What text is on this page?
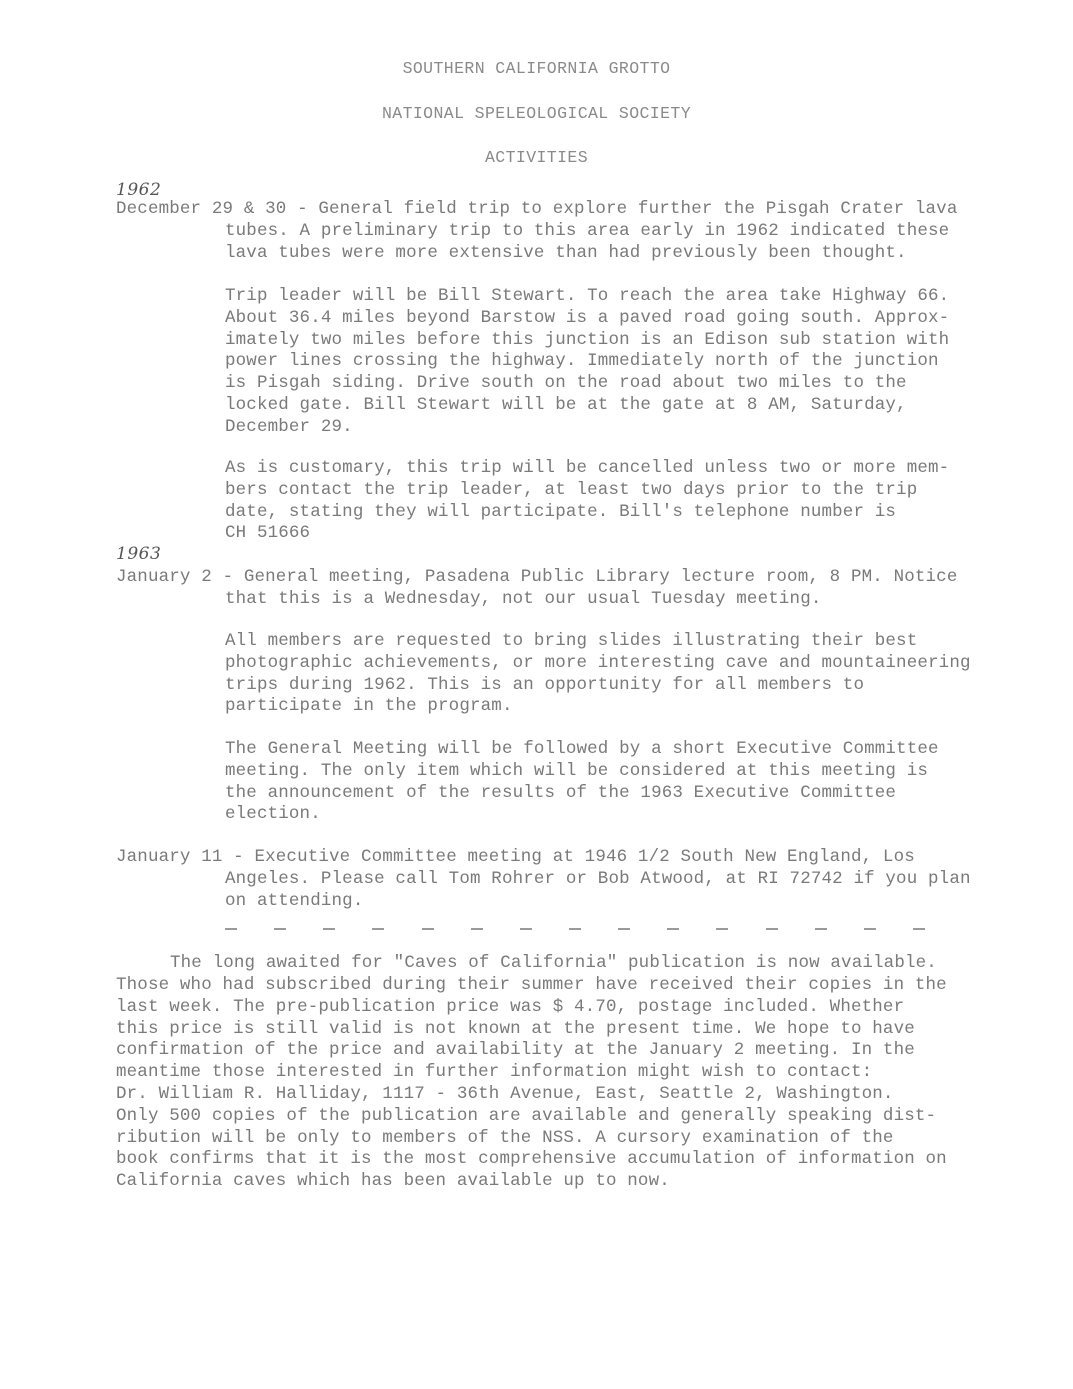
SOUTHERN CALIFORNIA GROTTO
NATIONAL SPELEOLOGICAL SOCIETY
ACTIVITIES
1962
December 29 & 30 - General field trip to explore further the Pisgah Crater lava
tubes. A preliminary trip to this area early in 1962 indicated these
lava tubes were more extensive than had previously been thought.
Trip leader will be Bill Stewart. To reach the area take Highway 66.
About 36.4 miles beyond Barstow is a paved road going south. Approx-
imately two miles before this junction is an Edison sub station with
power lines crossing the highway. Immediately north of the junction
is Pisgah siding. Drive south on the road about two miles to the
locked gate. Bill Stewart will be at the gate at 8 AM, Saturday,
December 29.
As is customary, this trip will be cancelled unless two or more mem-
bers contact the trip leader, at least two days prior to the trip
date, stating they will participate. Bill's telephone number is
CH 51666
1963
January 2 - General meeting, Pasadena Public Library lecture room, 8 PM. Notice
that this is a Wednesday, not our usual Tuesday meeting.
All members are requested to bring slides illustrating their best
photographic achievements, or more interesting cave and mountaineering
trips during 1962. This is an opportunity for all members to
participate in the program.
The General Meeting will be followed by a short Executive Committee
meeting. The only item which will be considered at this meeting is
the announcement of the results of the 1963 Executive Committee
election.
January 11 - Executive Committee meeting at 1946 1/2 South New England, Los
Angeles. Please call Tom Rohrer or Bob Atwood, at RI 72742 if you plan
on attending.
The long awaited for "Caves of California" publication is now available.
Those who had subscribed during their summer have received their copies in the
last week. The pre-publication price was $ 4.70, postage included. Whether
this price is still valid is not known at the present time. We hope to have
confirmation of the price and availability at the January 2 meeting. In the
meantime those interested in further information might wish to contact:
Dr. William R. Halliday, 1117 - 36th Avenue, East, Seattle 2, Washington.
Only 500 copies of the publication are available and generally speaking dist-
ribution will be only to members of the NSS. A cursory examination of the
book confirms that it is the most comprehensive accumulation of information on
California caves which has been available up to now.
